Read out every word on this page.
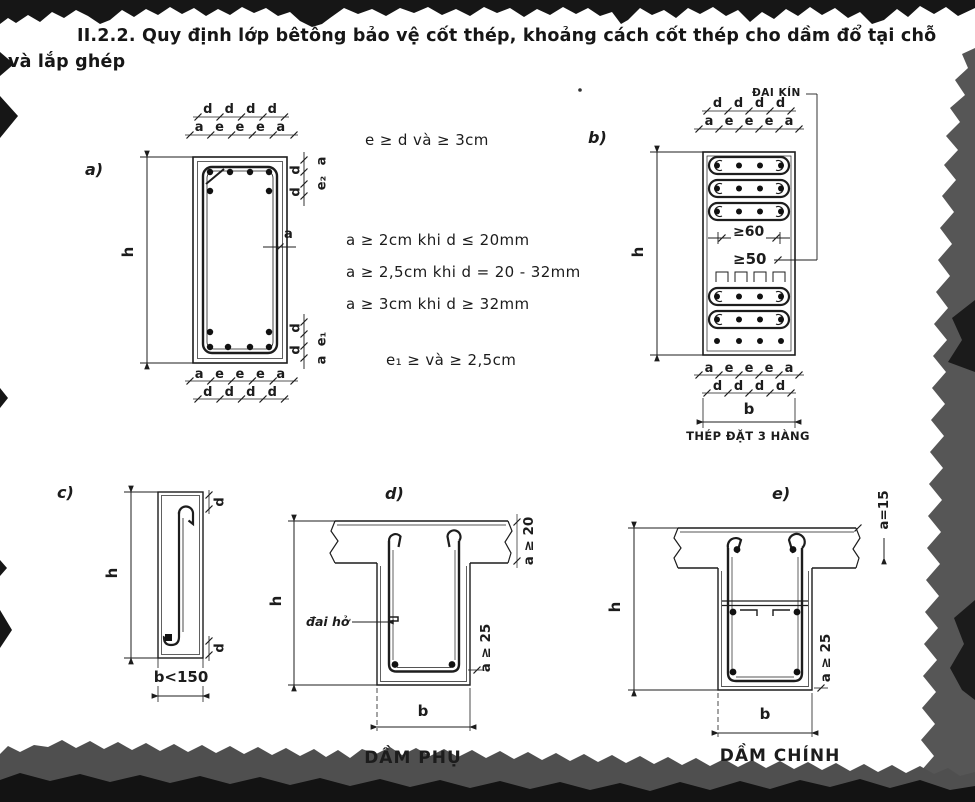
II.2.2. Quy định lớp bêtông bảo vệ cốt thép, khoảng cách cốt thép cho dầm đổ tại chỗ
và lắp ghép
e ≥ d và ≥ 3cm
a ≥ 2cm khi d ≤ 20mm
a ≥ 2,5cm khi d = 20 - 32mm
a ≥ 3cm khi d ≥ 32mm
e₁ ≥ và ≥ 2,5cm
a)
b)
c)	d)	e)
d d d d
a e e e a
a e e e a
d d d d
h
a
a
d
e₂
d
d
e₁
d
a
ĐAI KÍN
d d d d
a e e e a
≥60
≥50
a e e e a
d d d d
h
b
THÉP ĐẶT 3 HÀNG
h
d
d
b<150
h
đai hở
a ≥ 20
a ≥ 25
b
DẦM PHỤ
h
a=15
a ≥ 25
b
DẦM CHÍNH
